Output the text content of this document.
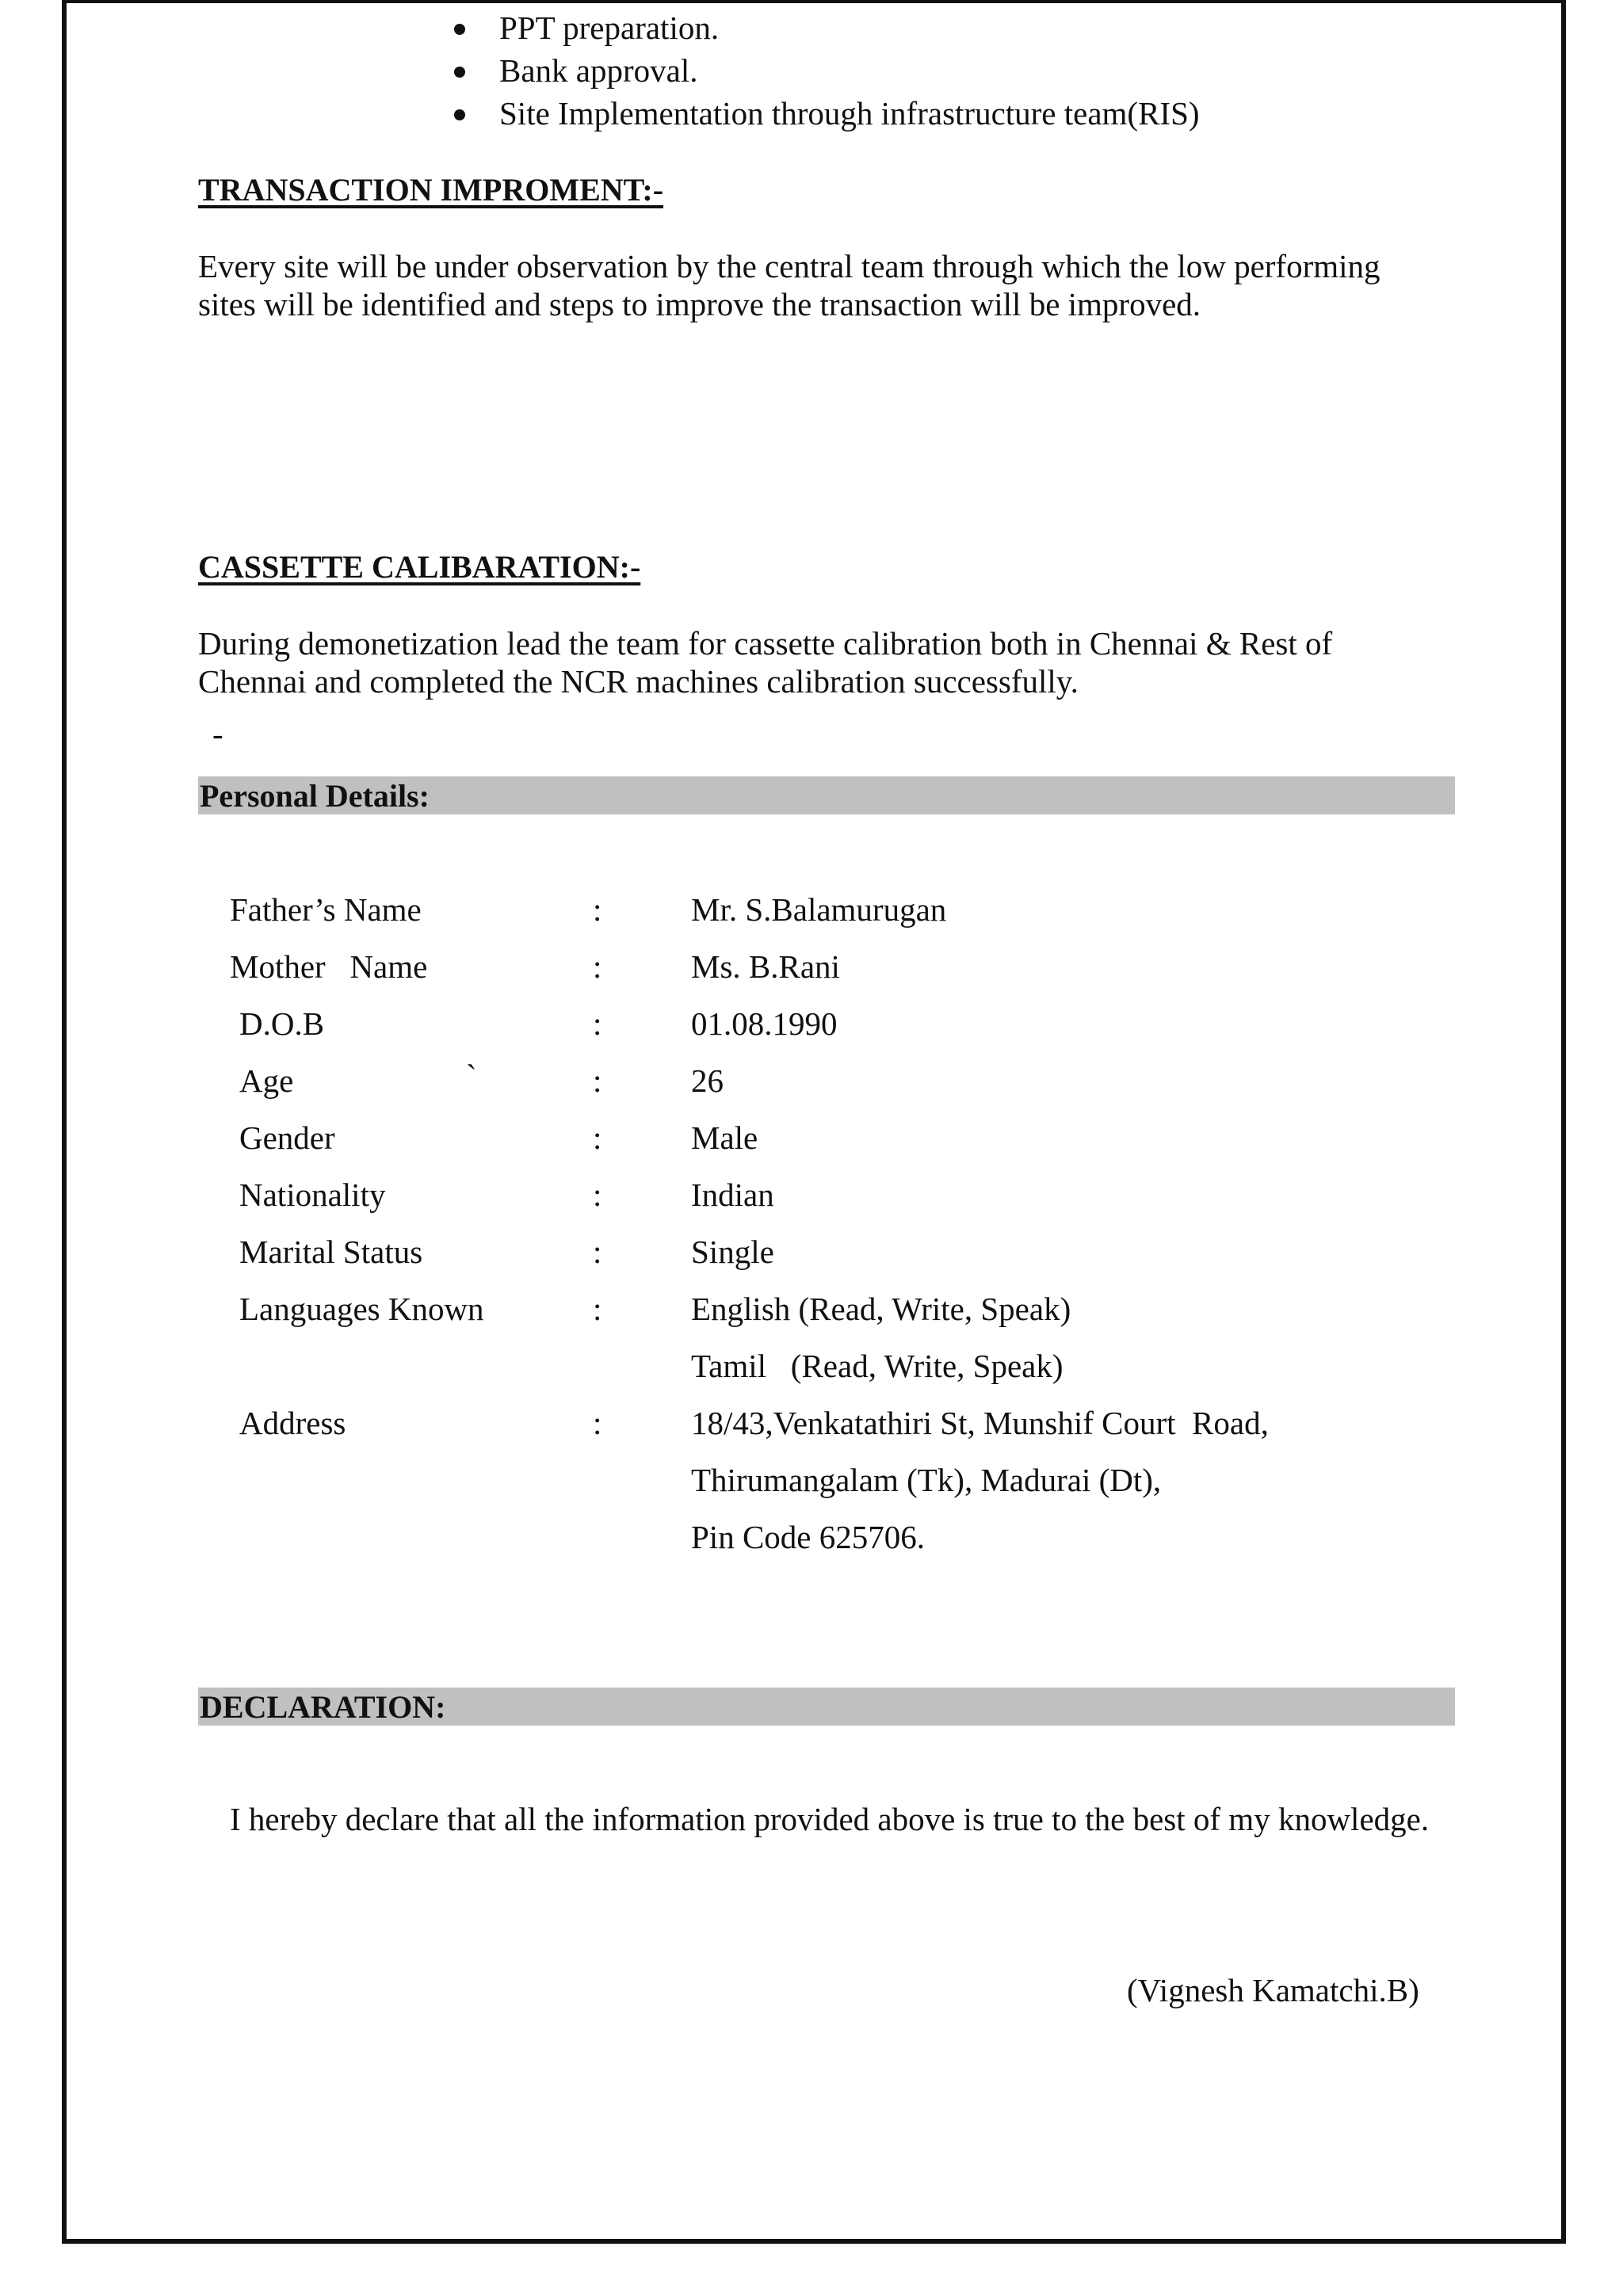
PPT preparation.
Bank approval.
Site Implementation through infrastructure team(RIS)
TRANSACTION IMPROMENT:-
Every site will be under observation by the central team through which the low performing
sites will be identified and steps to improve the transaction will be improved.
CASSETTE CALIBARATION:-
During demonetization lead the team for cassette calibration both in Chennai & Rest of
Chennai and completed the NCR machines calibration successfully.
-
Personal Details:
Father’s Name	:	Mr. S.Balamurugan
Mother   Name	:	Ms. B.Rani
D.O.B	:	01.08.1990
Age	`	:	26
Gender	:	Male
Nationality	:	Indian
Marital Status	:	Single
Languages Known	:	English (Read, Write, Speak)
Tamil   (Read, Write, Speak)
Address	:	18/43,Venkatathiri St, Munshif Court  Road,
Thirumangalam (Tk), Madurai (Dt),
Pin Code 625706.
DECLARATION:
I hereby declare that all the information provided above is true to the best of my knowledge.
(Vignesh Kamatchi.B)
